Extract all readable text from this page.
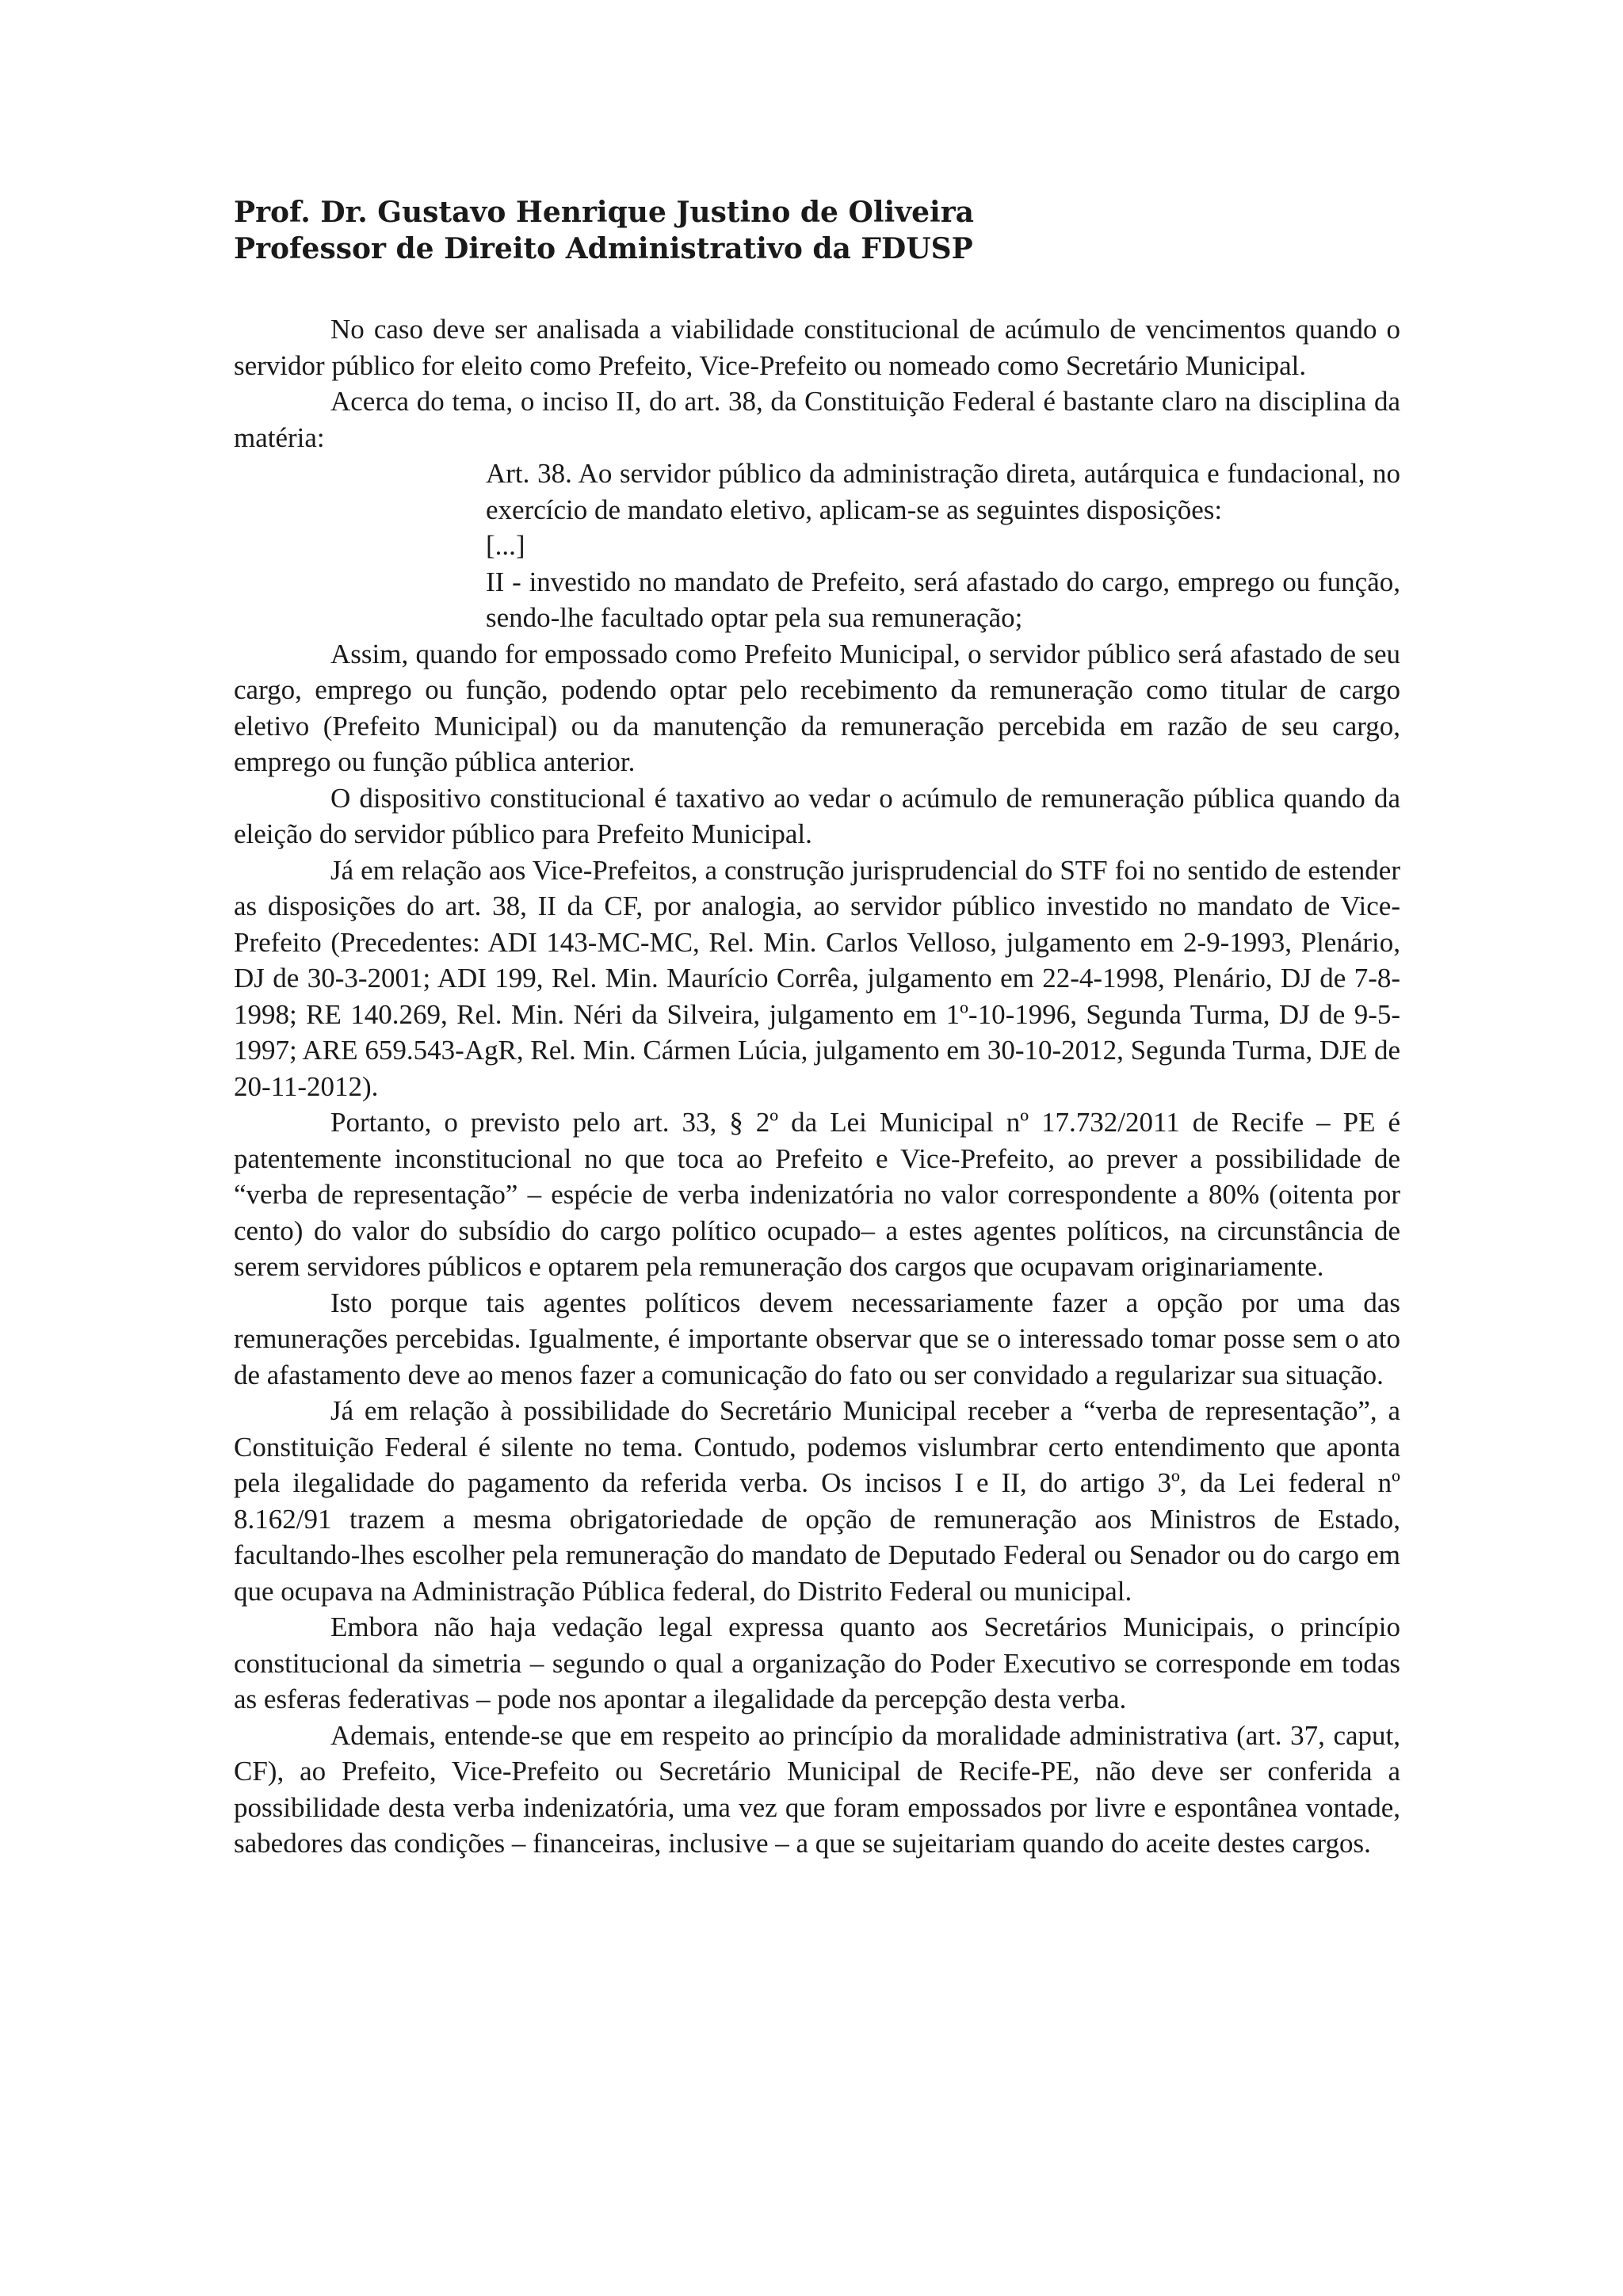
Prof. Dr. Gustavo Henrique Justino de Oliveira
Professor de Direito Administrativo da FDUSP

No caso deve ser analisada a viabilidade constitucional de acúmulo de vencimentos quando o servidor público for eleito como Prefeito, Vice-Prefeito ou nomeado como Secretário Municipal.

Acerca do tema, o inciso II, do art. 38, da Constituição Federal é bastante claro na disciplina da matéria:

Art. 38. Ao servidor público da administração direta, autárquica e fundacional, no exercício de mandato eletivo, aplicam-se as seguintes disposições:

[...]

II - investido no mandato de Prefeito, será afastado do cargo, emprego ou função, sendo-lhe facultado optar pela sua remuneração;

Assim, quando for empossado como Prefeito Municipal, o servidor público será afastado de seu cargo, emprego ou função, podendo optar pelo recebimento da remuneração como titular de cargo eletivo (Prefeito Municipal) ou da manutenção da remuneração percebida em razão de seu cargo, emprego ou função pública anterior.

O dispositivo constitucional é taxativo ao vedar o acúmulo de remuneração pública quando da eleição do servidor público para Prefeito Municipal.

Já em relação aos Vice-Prefeitos, a construção jurisprudencial do STF foi no sentido de estender as disposições do art. 38, II da CF, por analogia, ao servidor público investido no mandato de Vice-Prefeito (Precedentes: ADI 143-MC-MC, Rel. Min. Carlos Velloso, julgamento em 2-9-1993, Plenário, DJ de 30-3-2001; ADI 199, Rel. Min. Maurício Corrêa, julgamento em 22-4-1998, Plenário, DJ de 7-8-1998; RE 140.269, Rel. Min. Néri da Silveira, julgamento em 1º-10-1996, Segunda Turma, DJ de 9-5-1997; ARE 659.543-AgR, Rel. Min. Cármen Lúcia, julgamento em 30-10-2012, Segunda Turma, DJE de 20-11-2012).

Portanto, o previsto pelo art. 33, § 2º da Lei Municipal nº 17.732/2011 de Recife – PE é patentemente inconstitucional no que toca ao Prefeito e Vice-Prefeito, ao prever a possibilidade de “verba de representação” – espécie de verba indenizatória no valor correspondente a 80% (oitenta por cento) do valor do subsídio do cargo político ocupado– a estes agentes políticos, na circunstância de serem servidores públicos e optarem pela remuneração dos cargos que ocupavam originariamente.

Isto porque tais agentes políticos devem necessariamente fazer a opção por uma das remunerações percebidas. Igualmente, é importante observar que se o interessado tomar posse sem o ato de afastamento deve ao menos fazer a comunicação do fato ou ser convidado a regularizar sua situação.

Já em relação à possibilidade do Secretário Municipal receber a “verba de representação”, a Constituição Federal é silente no tema. Contudo, podemos vislumbrar certo entendimento que aponta pela ilegalidade do pagamento da referida verba. Os incisos I e II, do artigo 3º, da Lei federal nº 8.162/91 trazem a mesma obrigatoriedade de opção de remuneração aos Ministros de Estado, facultando-lhes escolher pela remuneração do mandato de Deputado Federal ou Senador ou do cargo em que ocupava na Administração Pública federal, do Distrito Federal ou municipal.

Embora não haja vedação legal expressa quanto aos Secretários Municipais, o princípio constitucional da simetria – segundo o qual a organização do Poder Executivo se corresponde em todas as esferas federativas – pode nos apontar a ilegalidade da percepção desta verba.

Ademais, entende-se que em respeito ao princípio da moralidade administrativa (art. 37, caput, CF), ao Prefeito, Vice-Prefeito ou Secretário Municipal de Recife-PE, não deve ser conferida a possibilidade desta verba indenizatória, uma vez que foram empossados por livre e espontânea vontade, sabedores das condições – financeiras, inclusive – a que se sujeitariam quando do aceite destes cargos.
